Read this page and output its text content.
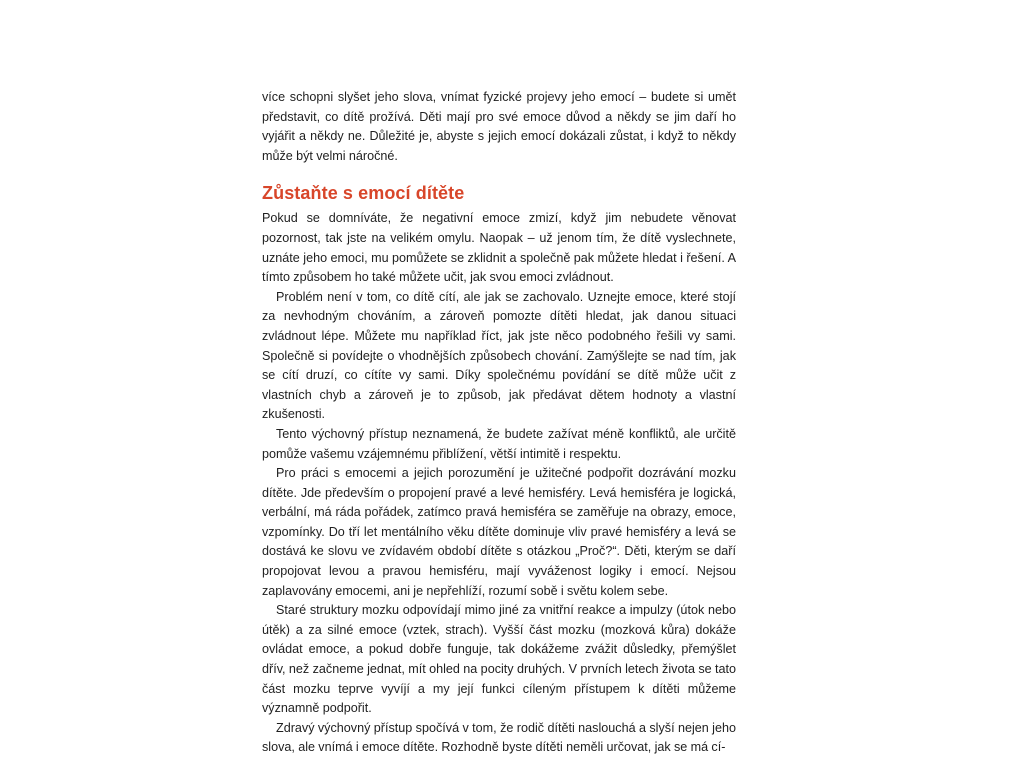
více schopni slyšet jeho slova, vnímat fyzické projevy jeho emocí – budete si umět představit, co dítě prožívá. Děti mají pro své emoce důvod a někdy se jim daří ho vyjářit a někdy ne. Důležité je, abyste s jejich emocí dokázali zůstat, i když to někdy může být velmi náročné.

Zůstaňte s emocí dítěte

Pokud se domníváte, že negativní emoce zmizí, když jim nebudete věnovat pozornost, tak jste na velikém omylu. Naopak – už jenom tím, že dítě vyslechnete, uznáte jeho emoci, mu pomůžete se zklidnit a společně pak můžete hledat i řešení. A tímto způsobem ho také můžete učit, jak svou emoci zvládnout.

Problém není v tom, co dítě cítí, ale jak se zachovalo. Uznejte emoce, které stojí za nevhodným chováním, a zároveň pomozte dítěti hledat, jak danou situaci zvládnout lépe. Můžete mu například říct, jak jste něco podobného řešili vy sami. Společně si povídejte o vhodnějších způsobech chování. Zamýšlejte se nad tím, jak se cítí druzí, co cítíte vy sami. Díky společnému povídání se dítě může učit z vlastních chyb a zároveň je to způsob, jak předávat dětem hodnoty a vlastní zkušenosti.

Tento výchovný přístup neznamená, že budete zažívat méně konfliktů, ale určitě pomůže vašemu vzájemnému přiblížení, větší intimitě i respektu.

Pro práci s emocemi a jejich porozumění je užitečné podpořit dozrávání mozku dítěte. Jde především o propojení pravé a levé hemisféry. Levá hemisféra je logická, verbální, má ráda pořádek, zatímco pravá hemisféra se zaměřuje na obrazy, emoce, vzpomínky. Do tří let mentálního věku dítěte dominuje vliv pravé hemisféry a levá se dostává ke slovu ve zvídavém období dítěte s otázkou „Proč?“. Děti, kterým se daří propojovat levou a pravou hemisféru, mají vyváženost logiky i emocí. Nejsou zaplavovány emocemi, ani je nepřehlíží, rozumí sobě i světu kolem sebe.

Staré struktury mozku odpovídají mimo jiné za vnitřní reakce a impulzy (útok nebo útěk) a za silné emoce (vztek, strach). Vyšší část mozku (mozková kůra) dokáže ovládat emoce, a pokud dobře funguje, tak dokážeme zvážit důsledky, přemýšlet dřív, než začneme jednat, mít ohled na pocity druhých. V prvních letech života se tato část mozku teprve vyvíjí a my její funkci cíleným přístupem k dítěti můžeme významně podpořit.

Zdravý výchovný přístup spočívá v tom, že rodič dítěti naslouchá a slyší nejen jeho slova, ale vnímá i emoce dítěte. Rozhodně byste dítěti neměli určovat, jak se má cí-
